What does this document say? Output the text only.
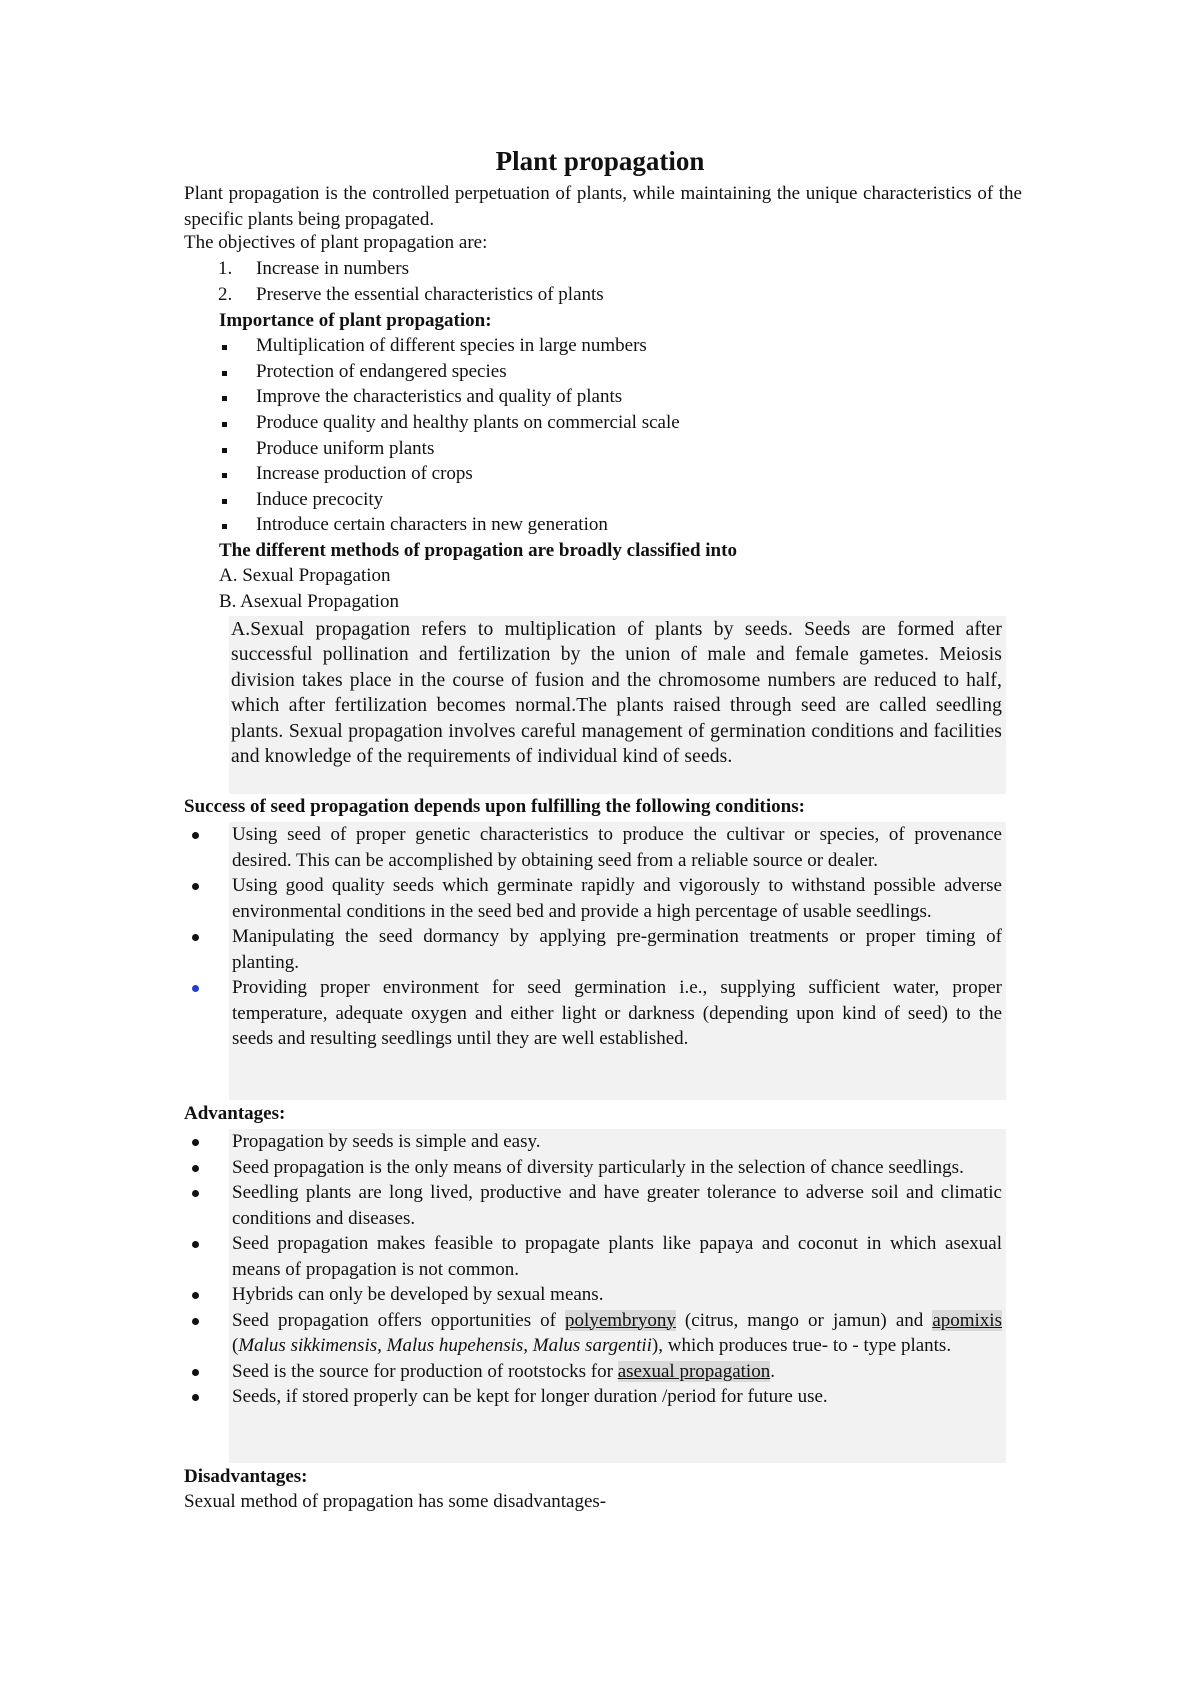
Plant propagation
Plant propagation is the controlled perpetuation of plants, while maintaining the unique characteristics of the specific plants being propagated.
The objectives of plant propagation are:
1. Increase in numbers
2. Preserve the essential characteristics of plants
Importance of plant propagation:
Multiplication of different species in large numbers
Protection of endangered species
Improve the characteristics and quality of plants
Produce quality and healthy plants on commercial scale
Produce uniform plants
Increase production of crops
Induce precocity
Introduce certain characters in new generation
The different methods of propagation are broadly classified into
A. Sexual Propagation
B. Asexual Propagation
A.Sexual propagation refers to multiplication of plants by seeds. Seeds are formed after successful pollination and fertilization by the union of male and female gametes. Meiosis division takes place in the course of fusion and the chromosome numbers are reduced to half, which after fertilization becomes normal.The plants raised through seed are called seedling plants. Sexual propagation involves careful management of germination conditions and facilities and knowledge of the requirements of individual kind of seeds.
Success of seed propagation depends upon fulfilling the following conditions:
Using seed of proper genetic characteristics to produce the cultivar or species, of provenance desired. This can be accomplished by obtaining seed from a reliable source or dealer.
Using good quality seeds which germinate rapidly and vigorously to withstand possible adverse environmental conditions in the seed bed and provide a high percentage of usable seedlings.
Manipulating the seed dormancy by applying pre-germination treatments or proper timing of planting.
Providing proper environment for seed germination i.e., supplying sufficient water, proper temperature, adequate oxygen and either light or darkness (depending upon kind of seed) to the seeds and resulting seedlings until they are well established.
Advantages:
Propagation by seeds is simple and easy.
Seed propagation is the only means of diversity particularly in the selection of chance seedlings.
Seedling plants are long lived, productive and have greater tolerance to adverse soil and climatic conditions and diseases.
Seed propagation makes feasible to propagate plants like papaya and coconut in which asexual means of propagation is not common.
Hybrids can only be developed by sexual means.
Seed propagation offers opportunities of polyembryony (citrus, mango or jamun) and apomixis (Malus sikkimensis, Malus hupehensis, Malus sargentii), which produces true- to - type plants.
Seed is the source for production of rootstocks for asexual propagation.
Seeds, if stored properly can be kept for longer duration /period for future use.
Disadvantages:
Sexual method of propagation has some disadvantages-
